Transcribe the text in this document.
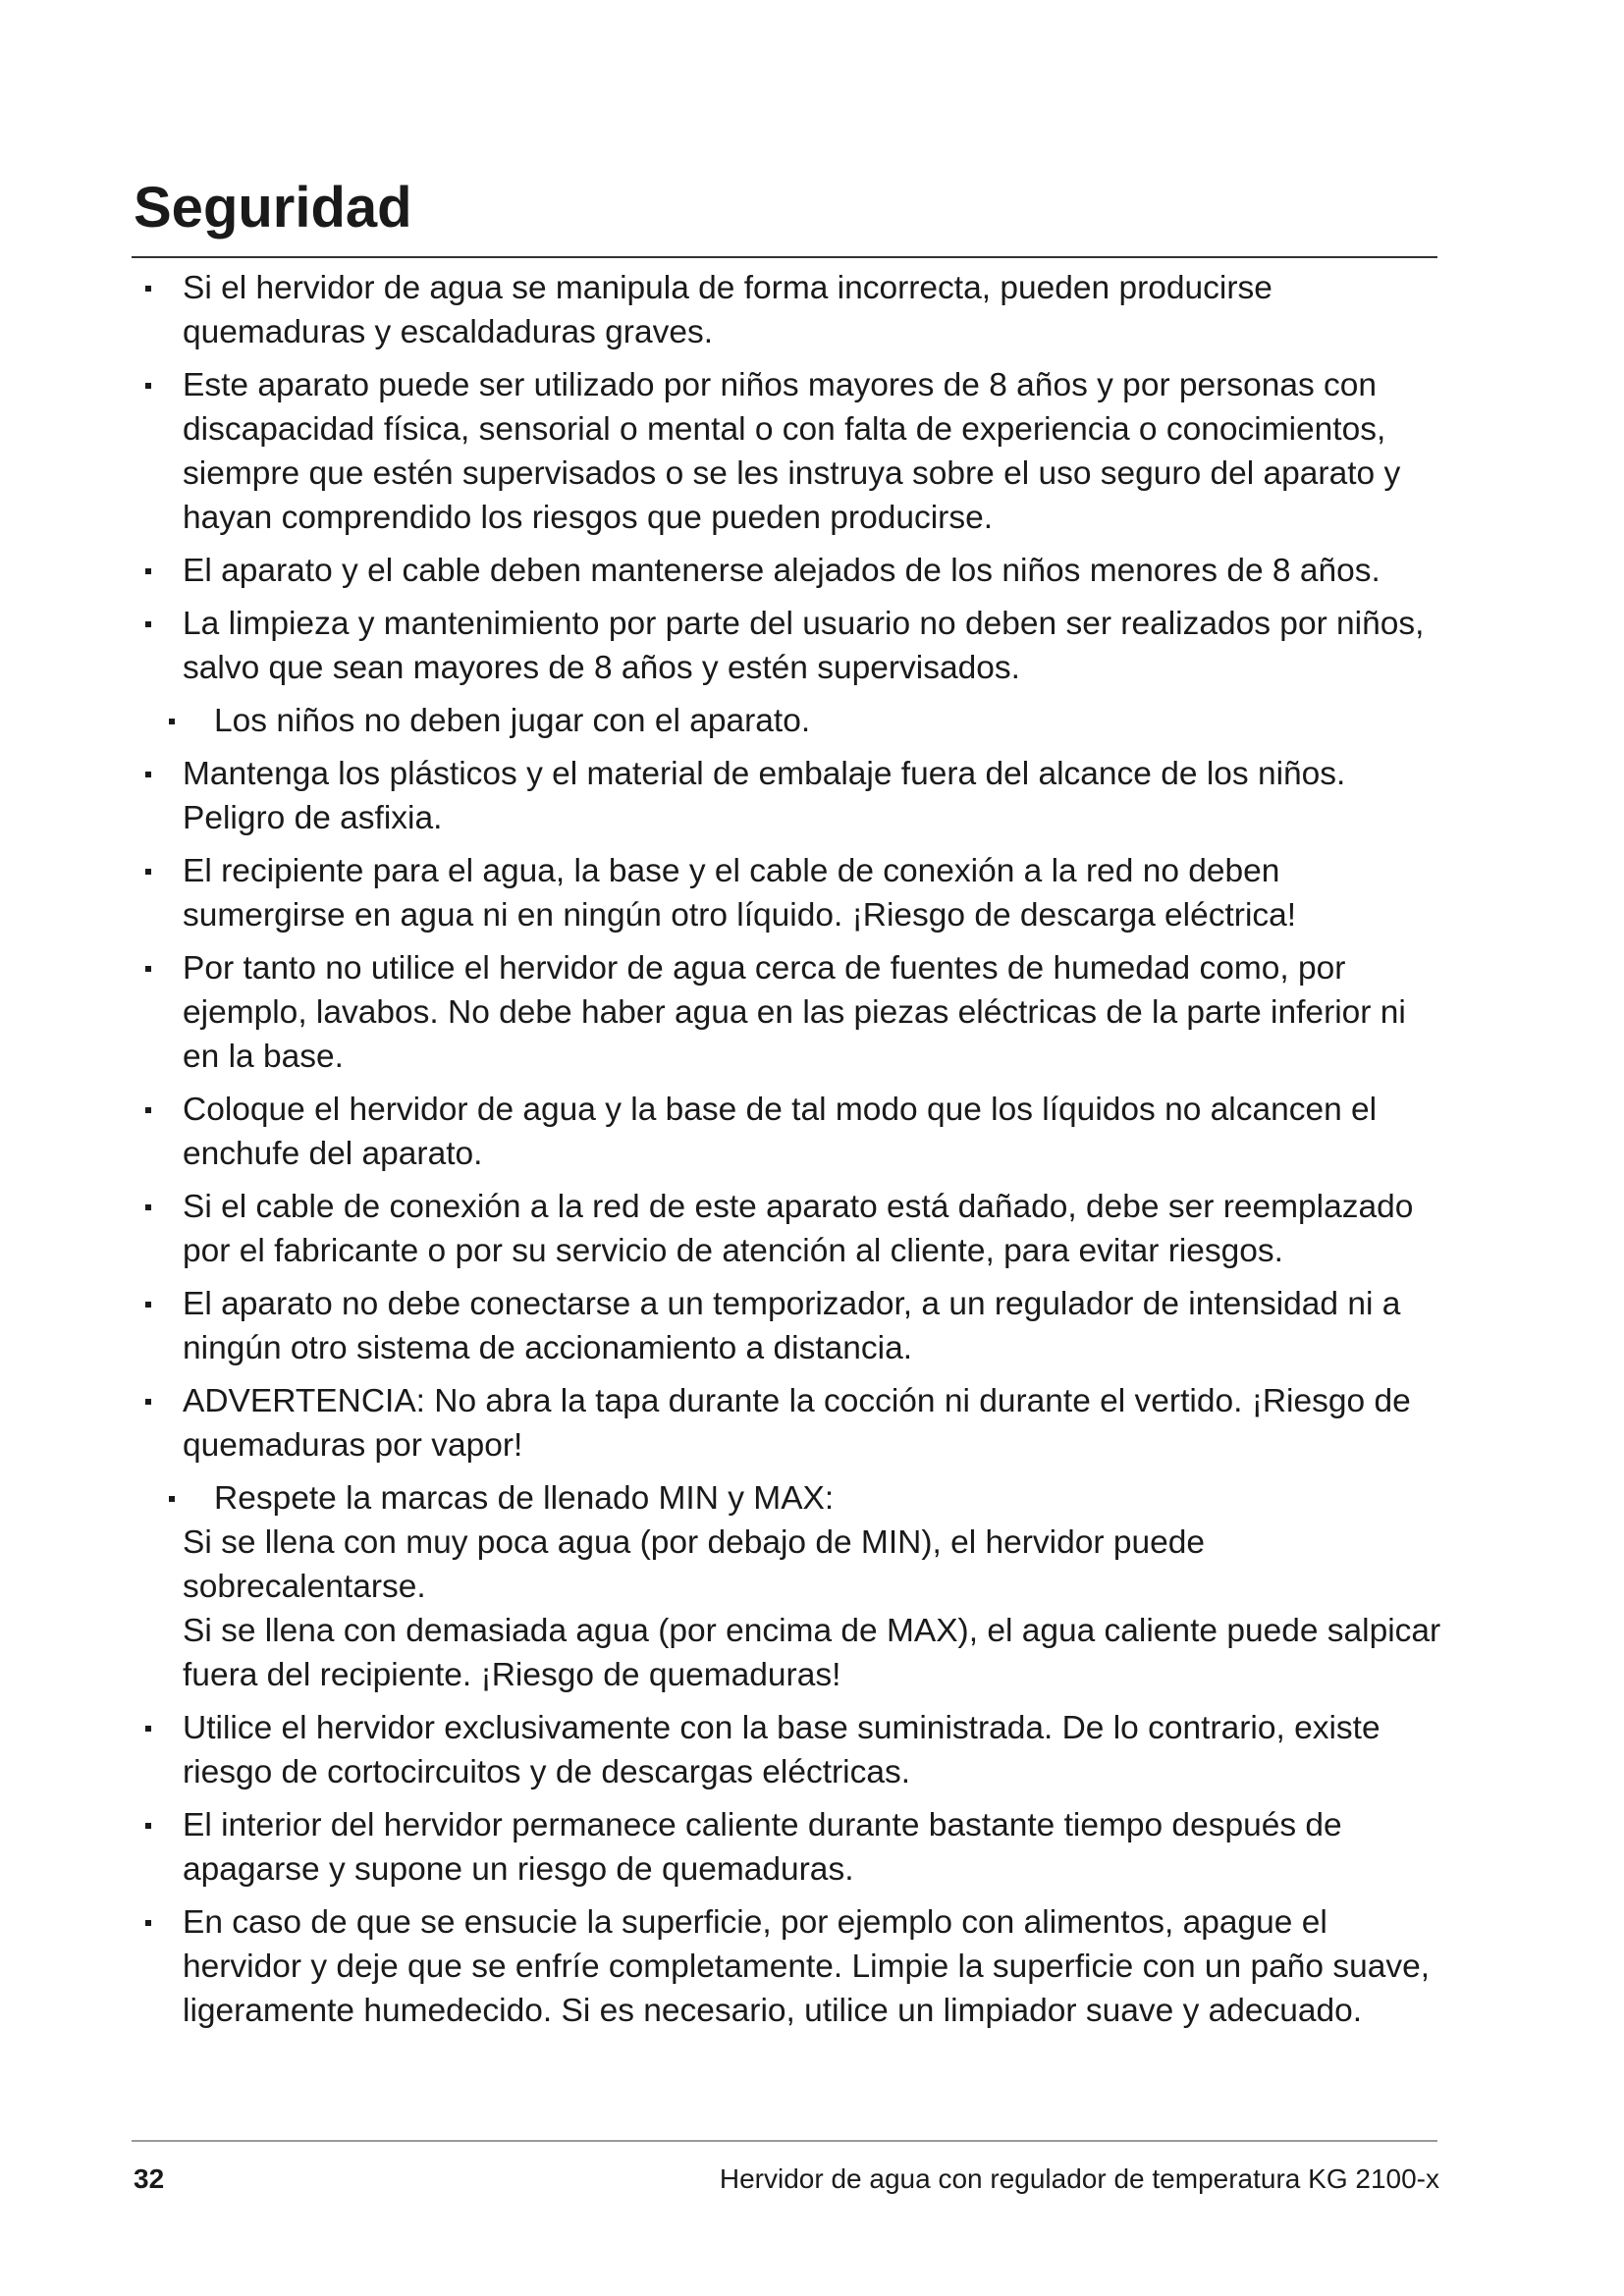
Seguridad
Si el hervidor de agua se manipula de forma incorrecta, pueden producirse quemaduras y escaldaduras graves.
Este aparato puede ser utilizado por niños mayores de 8 años y por personas con discapacidad física, sensorial o mental o con falta de experiencia o conocimientos, siempre que estén supervisados o se les instruya sobre el uso seguro del aparato y hayan comprendido los riesgos que pueden producirse.
El aparato y el cable deben mantenerse alejados de los niños menores de 8 años.
La limpieza y mantenimiento por parte del usuario no deben ser realizados por niños, salvo que sean mayores de 8 años y estén supervisados.
Los niños no deben jugar con el aparato.
Mantenga los plásticos y el material de embalaje fuera del alcance de los niños. Peligro de asfixia.
El recipiente para el agua, la base y el cable de conexión a la red no deben sumergirse en agua ni en ningún otro líquido. ¡Riesgo de descarga eléctrica!
Por tanto no utilice el hervidor de agua cerca de fuentes de humedad como, por ejemplo, lavabos. No debe haber agua en las piezas eléctricas de la parte inferior ni en la base.
Coloque el hervidor de agua y la base de tal modo que los líquidos no alcancen el enchufe del aparato.
Si el cable de conexión a la red de este aparato está dañado, debe ser reemplazado por el fabricante o por su servicio de atención al cliente, para evitar riesgos.
El aparato no debe conectarse a un temporizador, a un regulador de intensidad ni a ningún otro sistema de accionamiento a distancia.
ADVERTENCIA: No abra la tapa durante la cocción ni durante el vertido. ¡Riesgo de quemaduras por vapor!
Respete la marcas de llenado MIN y MAX:
Si se llena con muy poca agua (por debajo de MIN), el hervidor puede sobrecalentarse.
Si se llena con demasiada agua (por encima de MAX), el agua caliente puede salpicar fuera del recipiente. ¡Riesgo de quemaduras!
Utilice el hervidor exclusivamente con la base suministrada. De lo contrario, existe riesgo de cortocircuitos y de descargas eléctricas.
El interior del hervidor permanece caliente durante bastante tiempo después de apagarse y supone un riesgo de quemaduras.
En caso de que se ensucie la superficie, por ejemplo con alimentos, apague el hervidor y deje que se enfríe completamente. Limpie la superficie con un paño suave, ligeramente humedecido. Si es necesario, utilice un limpiador suave y adecuado.
32	Hervidor de agua con regulador de temperatura KG 2100-x
